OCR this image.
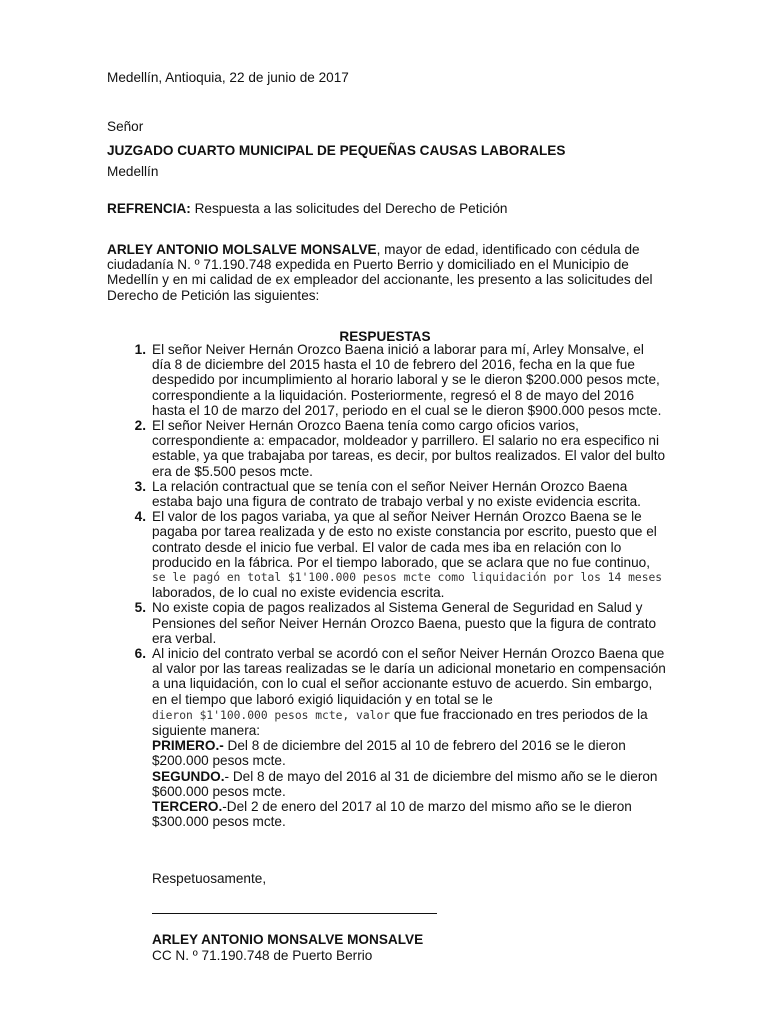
Medellín, Antioquia, 22 de junio de 2017

Señor

JUZGADO CUARTO MUNICIPAL DE PEQUEÑAS CAUSAS LABORALES

Medellín

REFRENCIA: Respuesta a las solicitudes del Derecho de Petición

ARLEY ANTONIO MOLSALVE MONSALVE, mayor de edad, identificado con cédula de ciudadanía N. º 71.190.748 expedida en Puerto Berrio y domiciliado en el Municipio de Medellín y en mi calidad de ex empleador del accionante, les presento a las solicitudes del Derecho de Petición las siguientes:

RESPUESTAS

1. El señor Neiver Hernán Orozco Baena inició a laborar para mí, Arley Monsalve, el día 8 de diciembre del 2015 hasta el 10 de febrero del 2016, fecha en la que fue despedido por incumplimiento al horario laboral y se le dieron $200.000 pesos mcte, correspondiente a la liquidación. Posteriormente, regresó el 8 de mayo del 2016 hasta el 10 de marzo del 2017, periodo en el cual se le dieron $900.000 pesos mcte.
2. El señor Neiver Hernán Orozco Baena tenía como cargo oficios varios, correspondiente a: empacador, moldeador y parrillero. El salario no era especifico ni estable, ya que trabajaba por tareas, es decir, por bultos realizados. El valor del bulto era de $5.500 pesos mcte.
3. La relación contractual que se tenía con el señor Neiver Hernán Orozco Baena estaba bajo una figura de contrato de trabajo verbal y no existe evidencia escrita.
4. El valor de los pagos variaba, ya que al señor Neiver Hernán Orozco Baena se le pagaba por tarea realizada y de esto no existe constancia por escrito, puesto que el contrato desde el inicio fue verbal. El valor de cada mes iba en relación con lo producido en la fábrica. Por el tiempo laborado, que se aclara que no fue continuo,
se le pagó en total $1'100.000 pesos mcte como liquidación por los 14 meses
laborados, de lo cual no existe evidencia escrita.
5. No existe copia de pagos realizados al Sistema General de Seguridad en Salud y Pensiones del señor Neiver Hernán Orozco Baena, puesto que la figura de contrato era verbal.
6. Al inicio del contrato verbal se acordó con el señor Neiver Hernán Orozco Baena que al valor por las tareas realizadas se le daría un adicional monetario en compensación a una liquidación, con lo cual el señor accionante estuvo de acuerdo. Sin embargo, en el tiempo que laboró exigió liquidación y en total se le
dieron $1'100.000 pesos mcte, valor que fue fraccionado en tres periodos de la siguiente manera:
PRIMERO.- Del 8 de diciembre del 2015 al 10 de febrero del 2016 se le dieron $200.000 pesos mcte.
SEGUNDO.- Del 8 de mayo del 2016 al 31 de diciembre del mismo año se le dieron $600.000 pesos mcte.
TERCERO.-Del 2 de enero del 2017 al 10 de marzo del mismo año se le dieron $300.000 pesos mcte.

Respetuosamente,

ARLEY ANTONIO MONSALVE MONSALVE

CC N. º 71.190.748 de Puerto Berrio
